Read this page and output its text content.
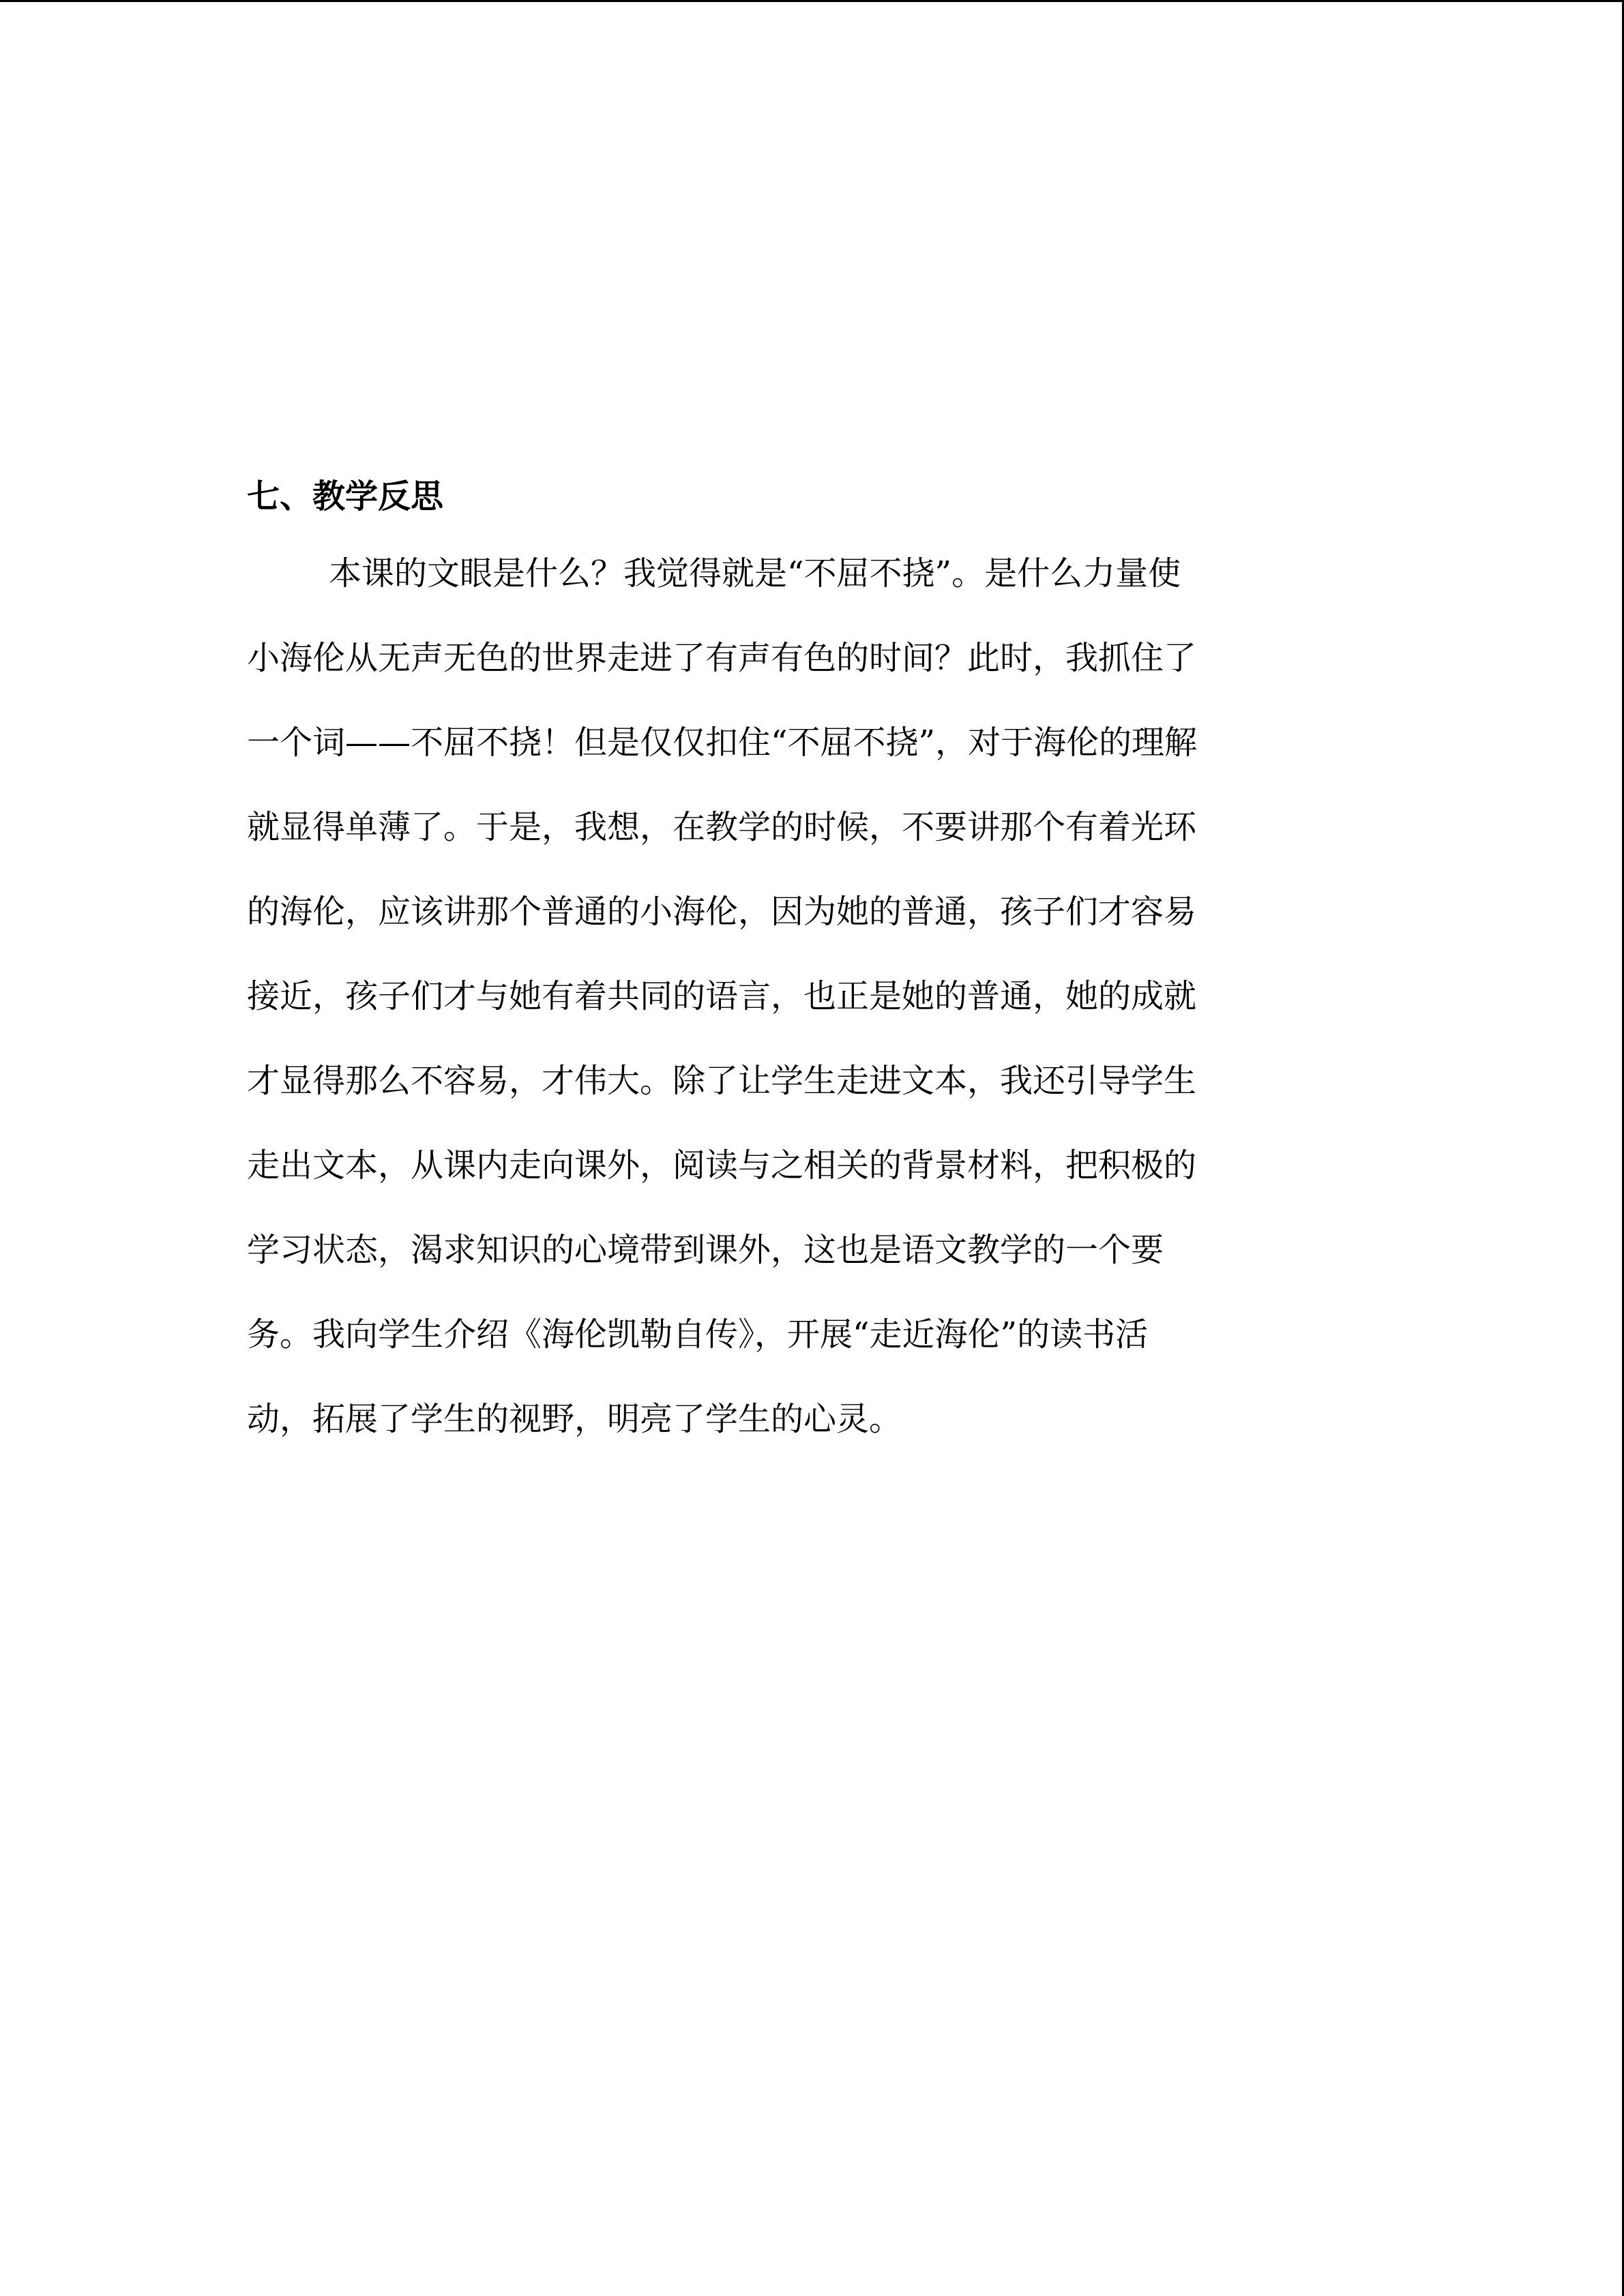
七、教学反思

本课的文眼是什么？我觉得就是“不屈不挠”。是什么力量使

小海伦从无声无色的世界走进了有声有色的时间？此时，我抓住了

一个词——不屈不挠！但是仅仅扣住“不屈不挠”，对于海伦的理解

就显得单薄了。于是，我想，在教学的时候，不要讲那个有着光环

的海伦，应该讲那个普通的小海伦，因为她的普通，孩子们才容易

接近，孩子们才与她有着共同的语言，也正是她的普通，她的成就

才显得那么不容易，才伟大。除了让学生走进文本，我还引导学生

走出文本，从课内走向课外，阅读与之相关的背景材料，把积极的

学习状态，渴求知识的心境带到课外，这也是语文教学的一个要

务。我向学生介绍《海伦凯勒自传》，开展“走近海伦”的读书活

动，拓展了学生的视野，明亮了学生的心灵。
